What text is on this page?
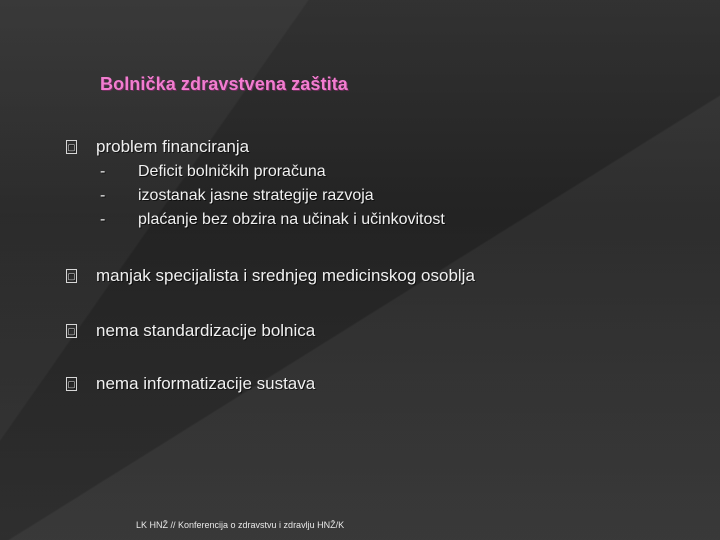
Bolnička zdravstvena zaštita
▢ problem financiranja
- Deficit bolničkih proračuna
- izostanak jasne strategije razvoja
- plaćanje bez obzira na učinak i učinkovitost
▢ manjak specijalista i srednjeg medicinskog osoblja
▢ nema standardizacije bolnica
▢ nema informatizacije sustava
LK HNŽ // Konferencija o zdravstvu i zdravlju HNŽ/K
